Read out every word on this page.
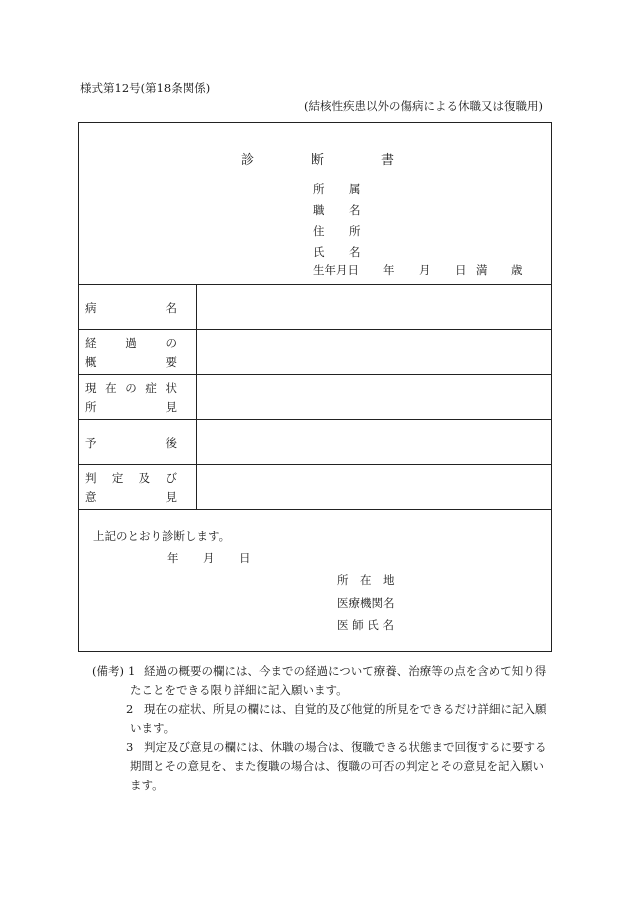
様式第12号(第18条関係)
(結核性疾患以外の傷病による休職又は復職用)
診	断	書
所 属
職 名
住 所
氏 名
生年月日 年 月 日 満 歳
病	名
経	過	の
概	要
現 在 の 症 状
所	見
予	後
判 定 及 び
意	見
上記のとおり診断します。
年 月 日
所　在　地
医療機関名
医 師 氏 名
(備考) 1 経過の概要の欄には、今までの経過について療養、治療等の点を含めて知り得
たことをできる限り詳細に記入願います。
2 現在の症状、所見の欄には、自覚的及び他覚的所見をできるだけ詳細に記入願
います。
3 判定及び意見の欄には、休職の場合は、復職できる状態まで回復するに要する
期間とその意見を、また復職の場合は、復職の可否の判定とその意見を記入願い
ます。
